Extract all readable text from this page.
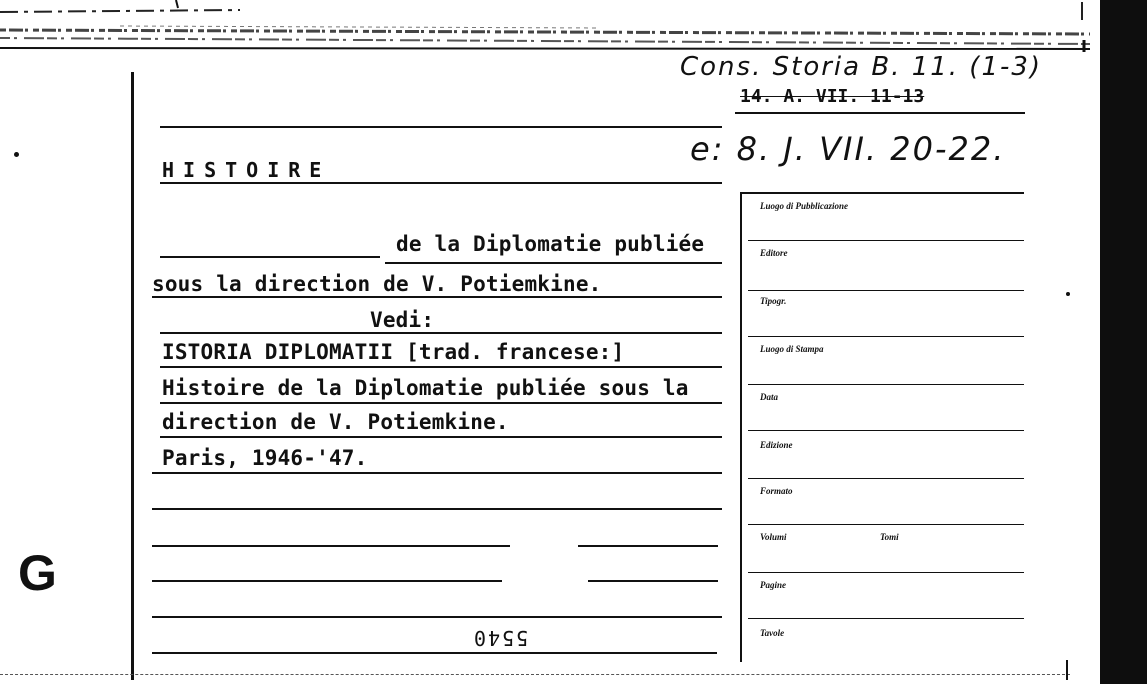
G
Cons. Storia B. 11. (1-3)
14. A. VII. 11-13
e: 8. J. VII. 20-22.
HISTOIRE
de la Diplomatie publiée
sous la direction de V. Potiemkine.
Vedi:
ISTORIA DIPLOMATII [trad. francese:]
Histoire de la Diplomatie publiée sous la
direction de V. Potiemkine.
Paris, 1946-'47.
5540
Luogo di Pubblicazione
Editore
Tipogr.
Luogo di Stampa
Data
Edizione
Formato
Volumi	Tomi
Pagine
Tavole
